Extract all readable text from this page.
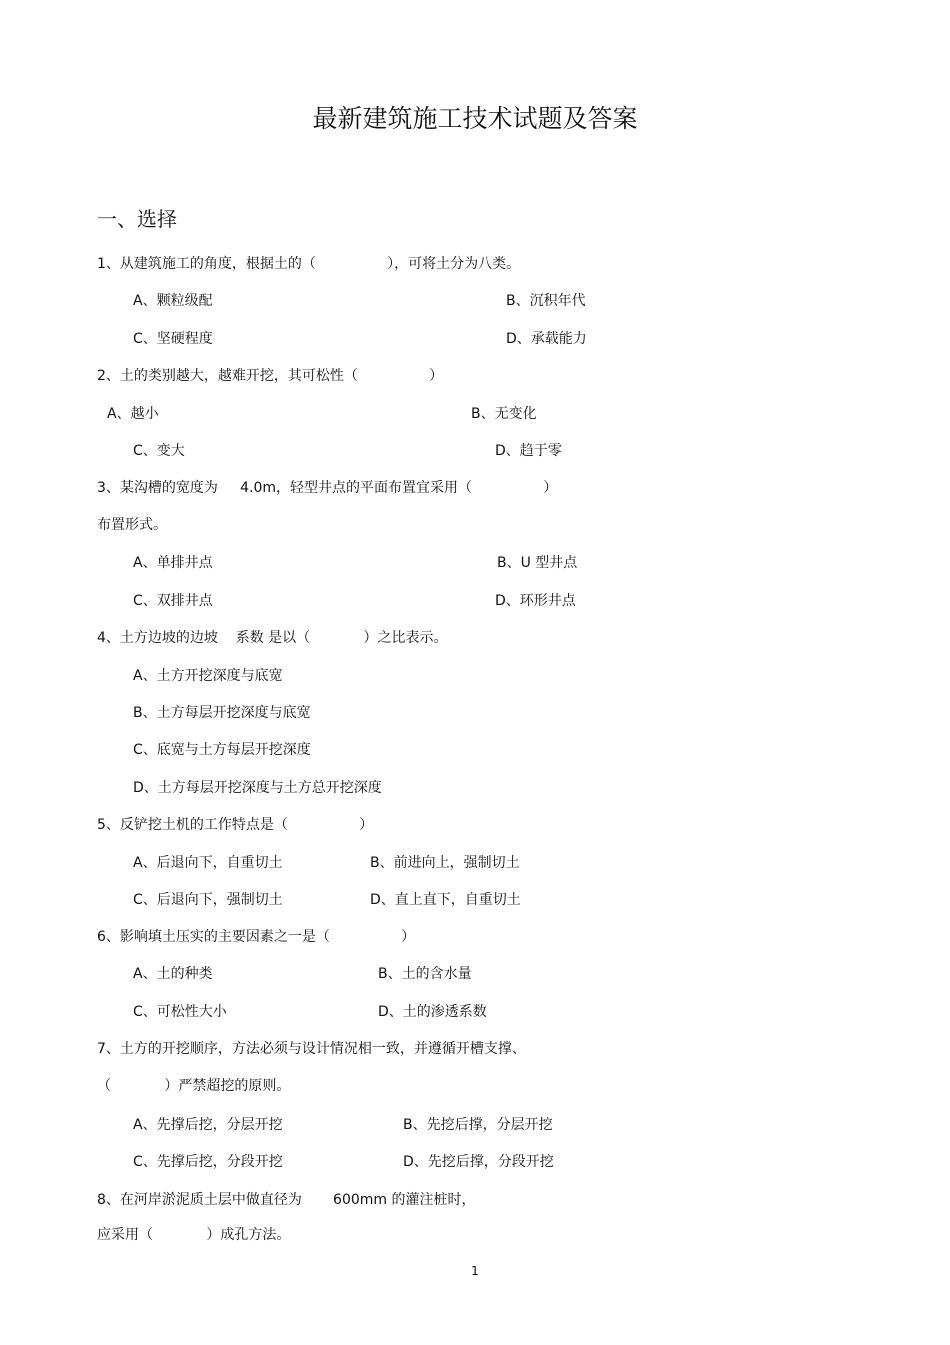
最新建筑施工技术试题及答案
一、选择
1、从建筑施工的角度，根据土的（                ），可将土分为八类。
A、颗粒级配	B、沉积年代
C、坚硬程度	D、承载能力
2、土的类别越大，越难开挖，其可松性（                ）
A、越小	B、无变化
C、变大	D、趋于零
3、某沟槽的宽度为     4.0m，轻型井点的平面布置宜采用（                ）
布置形式。
A、单排井点	B、U 型井点
C、双排井点	D、环形井点
4、土方边坡的边坡    系数 是以（            ）之比表示。
A、土方开挖深度与底宽
B、土方每层开挖深度与底宽
C、底宽与土方每层开挖深度
D、土方每层开挖深度与土方总开挖深度
5、反铲挖土机的工作特点是（                ）
A、后退向下，自重切土	B、前进向上，强制切土
C、后退向下，强制切土	D、直上直下，自重切土
6、影响填土压实的主要因素之一是（                ）
A、土的种类	B、土的含水量
C、可松性大小	D、土的渗透系数
7、土方的开挖顺序，方法必须与设计情况相一致，并遵循开槽支撑、
（            ）严禁超挖的原则。
A、先撑后挖，分层开挖	B、先挖后撑，分层开挖
C、先撑后挖，分段开挖	D、先挖后撑，分段开挖
8、在河岸淤泥质土层中做直径为       600mm 的灌注桩时，
应采用（            ）成孔方法。
1
